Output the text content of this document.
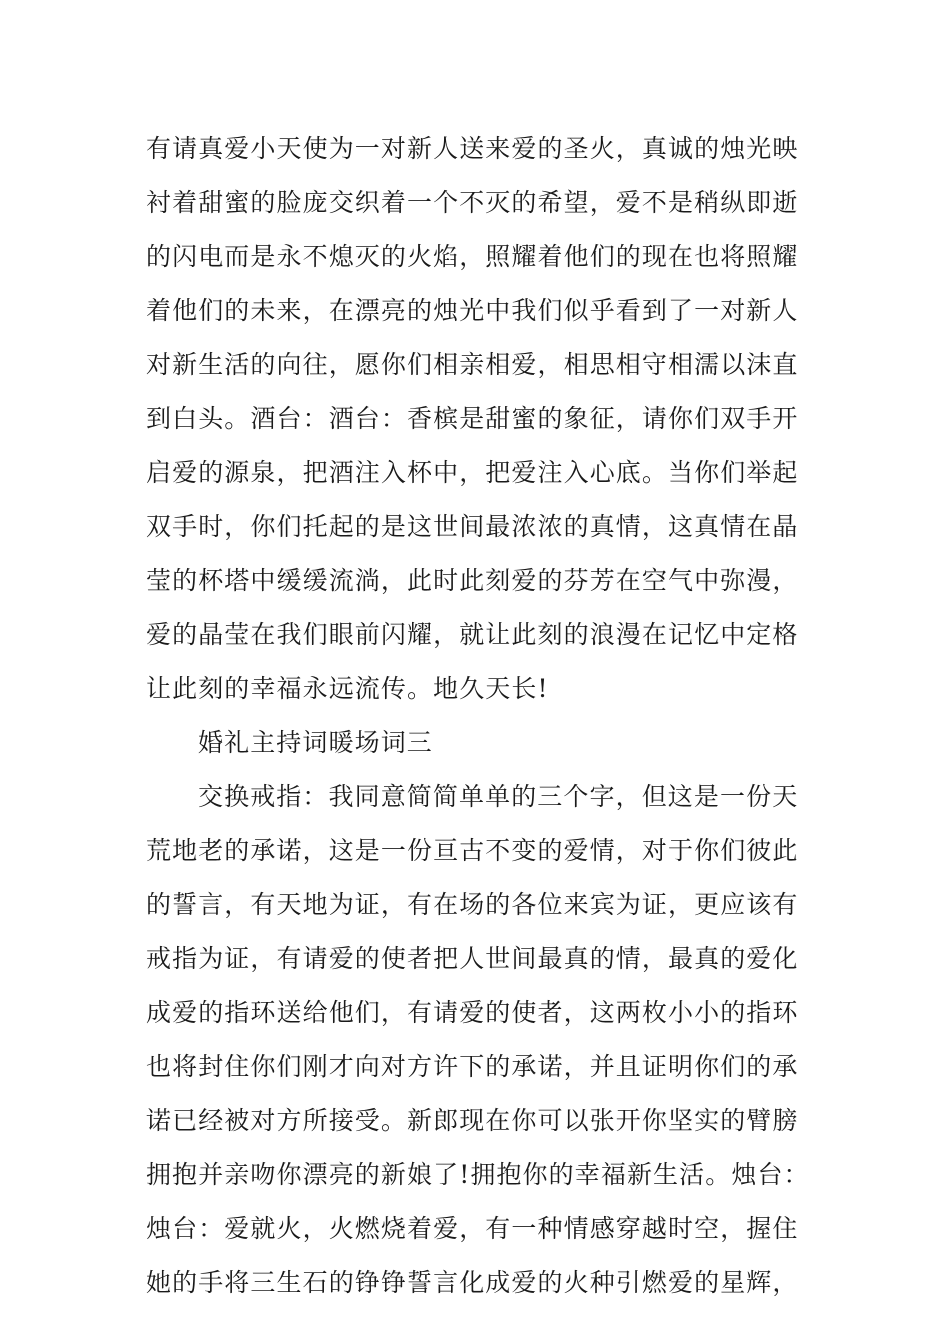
有请真爱小天使为一对新人送来爱的圣火，真诚的烛光映
衬着甜蜜的脸庞交织着一个不灭的希望，爱不是稍纵即逝
的闪电而是永不熄灭的火焰，照耀着他们的现在也将照耀
着他们的未来，在漂亮的烛光中我们似乎看到了一对新人
对新生活的向往，愿你们相亲相爱，相思相守相濡以沫直
到白头。酒台：酒台：香槟是甜蜜的象征，请你们双手开
启爱的源泉，把酒注入杯中，把爱注入心底。当你们举起
双手时，你们托起的是这世间最浓浓的真情，这真情在晶
莹的杯塔中缓缓流淌，此时此刻爱的芬芳在空气中弥漫，
爱的晶莹在我们眼前闪耀，就让此刻的浪漫在记忆中定格
让此刻的幸福永远流传。地久天长!
婚礼主持词暖场词三
交换戒指：我同意简简单单的三个字，但这是一份天
荒地老的承诺，这是一份亘古不变的爱情，对于你们彼此
的誓言，有天地为证，有在场的各位来宾为证，更应该有
戒指为证，有请爱的使者把人世间最真的情，最真的爱化
成爱的指环送给他们，有请爱的使者，这两枚小小的指环
也将封住你们刚才向对方许下的承诺，并且证明你们的承
诺已经被对方所接受。新郎现在你可以张开你坚实的臂膀
拥抱并亲吻你漂亮的新娘了!拥抱你的幸福新生活。烛台：
烛台：爱就火，火燃烧着爱，有一种情感穿越时空，握住
她的手将三生石的铮铮誓言化成爱的火种引燃爱的星辉，
